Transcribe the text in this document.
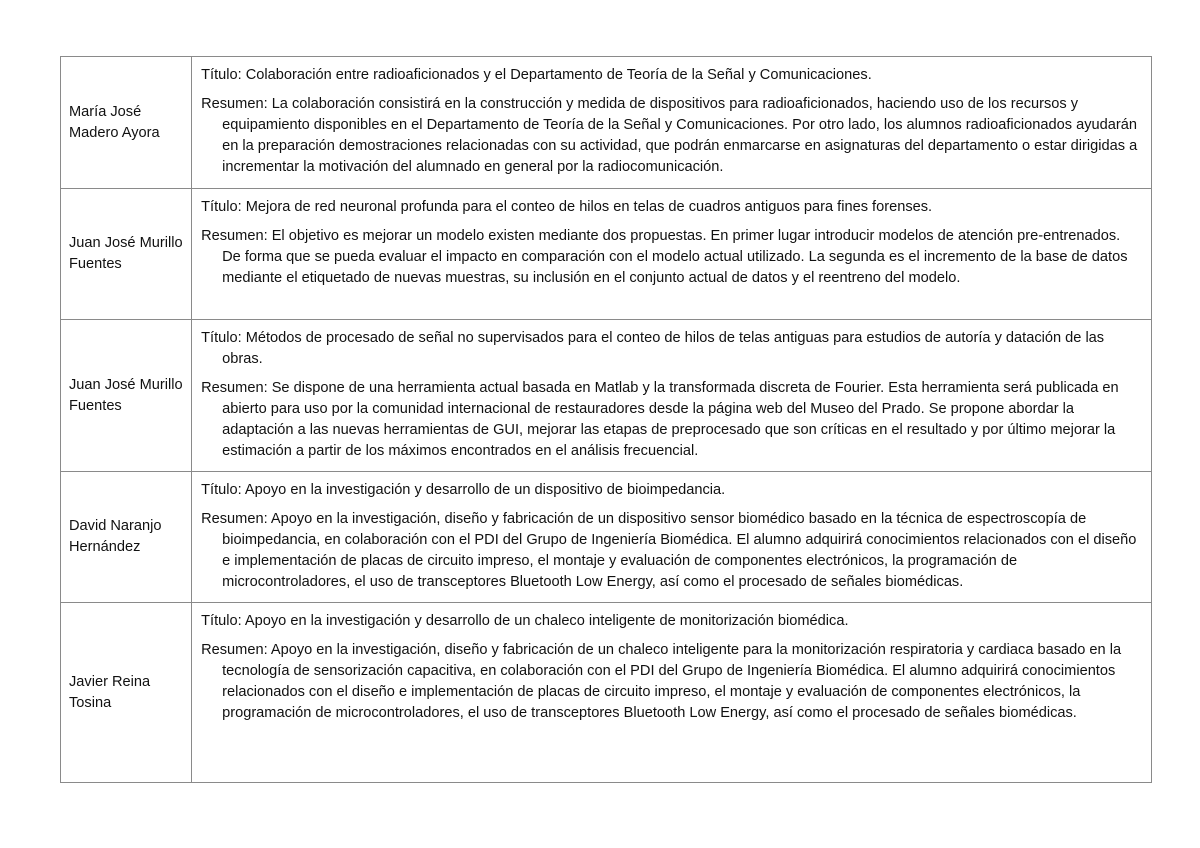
María José Madero Ayora	Título: Colaboración entre radioaficionados y el Departamento de Teoría de la Señal y Comunicaciones.

Resumen: La colaboración consistirá en la construcción y medida de dispositivos para radioaficionados, haciendo uso de los recursos y equipamiento disponibles en el Departamento de Teoría de la Señal y Comunicaciones. Por otro lado, los alumnos radioaficionados ayudarán en la preparación demostraciones relacionadas con su actividad, que podrán enmarcarse en asignaturas del departamento o estar dirigidas a incrementar la motivación del alumnado en general por la radiocomunicación.

Juan José Murillo Fuentes	Título: Mejora de red neuronal profunda para el conteo de hilos en telas de cuadros antiguos para fines forenses.

Resumen: El objetivo es mejorar un modelo existen mediante dos propuestas. En primer lugar introducir modelos de atención pre-entrenados. De forma que se pueda evaluar el impacto en comparación con el modelo actual utilizado. La segunda es el incremento de la base de datos mediante el etiquetado de nuevas muestras, su inclusión en el conjunto actual de datos y el reentreno del modelo.

Juan José Murillo Fuentes	Título: Métodos de procesado de señal no supervisados para el conteo de hilos de telas antiguas para estudios de autoría y datación de las obras.

Resumen: Se dispone de una herramienta actual basada en Matlab y la transformada discreta de Fourier. Esta herramienta será publicada en abierto para uso por la comunidad internacional de restauradores desde la página web del Museo del Prado. Se propone abordar la adaptación a las nuevas herramientas de GUI, mejorar las etapas de preprocesado que son críticas en el resultado y por último mejorar la estimación a partir de los máximos encontrados en el análisis frecuencial.

David Naranjo Hernández	Título: Apoyo en la investigación y desarrollo de un dispositivo de bioimpedancia.

Resumen: Apoyo en la investigación, diseño y fabricación de un dispositivo sensor biomédico basado en la técnica de espectroscopía de bioimpedancia, en colaboración con el PDI del Grupo de Ingeniería Biomédica. El alumno adquirirá conocimientos relacionados con el diseño e implementación de placas de circuito impreso, el montaje y evaluación de componentes electrónicos, la programación de microcontroladores, el uso de transceptores Bluetooth Low Energy, así como el procesado de señales biomédicas.

Javier Reina Tosina	Título: Apoyo en la investigación y desarrollo de un chaleco inteligente de monitorización biomédica.

Resumen: Apoyo en la investigación, diseño y fabricación de un chaleco inteligente para la monitorización respiratoria y cardiaca basado en la tecnología de sensorización capacitiva, en colaboración con el PDI del Grupo de Ingeniería Biomédica. El alumno adquirirá conocimientos relacionados con el diseño e implementación de placas de circuito impreso, el montaje y evaluación de componentes electrónicos, la programación de microcontroladores, el uso de transceptores Bluetooth Low Energy, así como el procesado de señales biomédicas.
